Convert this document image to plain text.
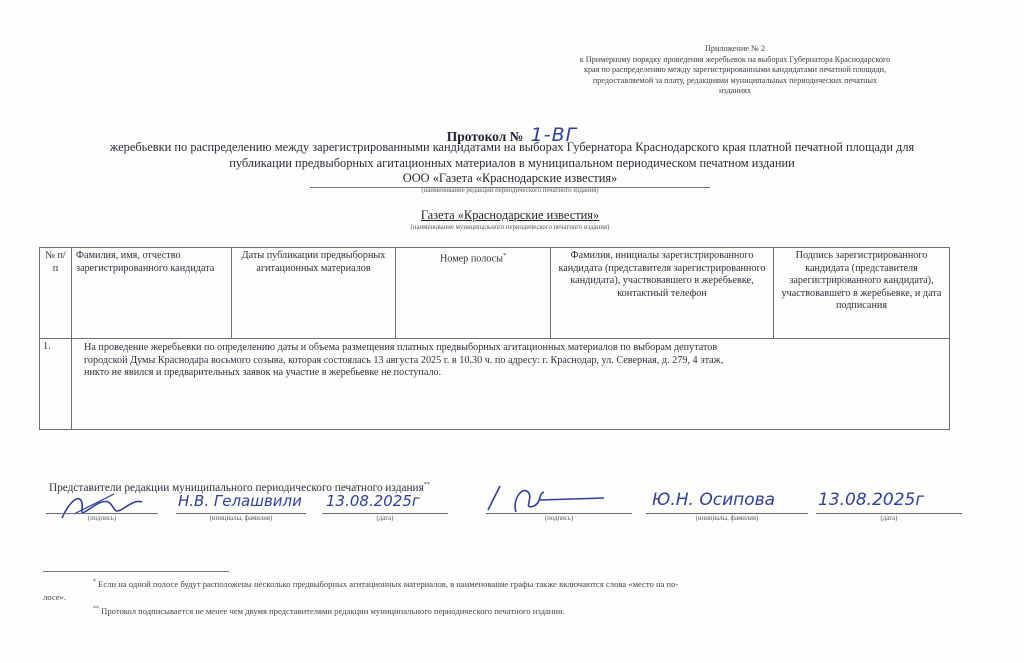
Приложение № 2
к Примерному порядку проведения жеребьевок на выборах Губернатора Краснодарского
края по распределению между зарегистрированными кандидатами печатной площади,
предоставляемой за плату, редакциями муниципальных периодических печатных
изданиях
Протокол № 1-ВГ
жеребьевки по распределению между зарегистрированными кандидатами на выборах Губернатора Краснодарского края платной печатной площади для
публикации предвыборных агитационных материалов в муниципальном периодическом печатном издании
ООО «Газета «Краснодарские известия»
(наименование редакции периодического печатного издания)
Газета «Краснодарские известия»
(наименование муниципального периодического печатного издания)
№ п/п	Фамилия, имя, отчество зарегистрированного кандидата	Даты публикации предвыборных агитационных материалов	Номер полосы*	Фамилия, инициалы зарегистрированного кандидата (представителя зарегистрированного кандидата), участвовавшего в жеребьевке, контактный телефон	Подпись зарегистрированного кандидата (представителя зарегистрированного кандидата), участвовавшего в жеребьевке, и дата подписания
1.	На проведение жеребьевки по определению даты и объема размещения платных предвыборных агитационных материалов по выборам депутатов
городской Думы Краснодара восьмого созыва, которая состоялась 13 августа 2025 г. в 10.30 ч. по адресу: г. Краснодар, ул. Северная, д. 279, 4 этаж,
никто не явился и предварительных заявок на участие в жеребьевке не поступало.				
Представители редакции муниципального периодического печатного издания**
(подпись)
Н.В. Гелашвили
(инициалы, фамилия)
13.08.2025г
(дата)	(подпись)
Ю.Н. Осипова
(инициалы, фамилия)
13.08.2025г
(дата)
* Если на одной полосе будут расположены несколько предвыборных агитационных материалов, в наименование графы также включаются слова «место на по-
лосе».
** Протокол подписывается не менее чем двумя представителями редакции муниципального периодического печатного издании.
